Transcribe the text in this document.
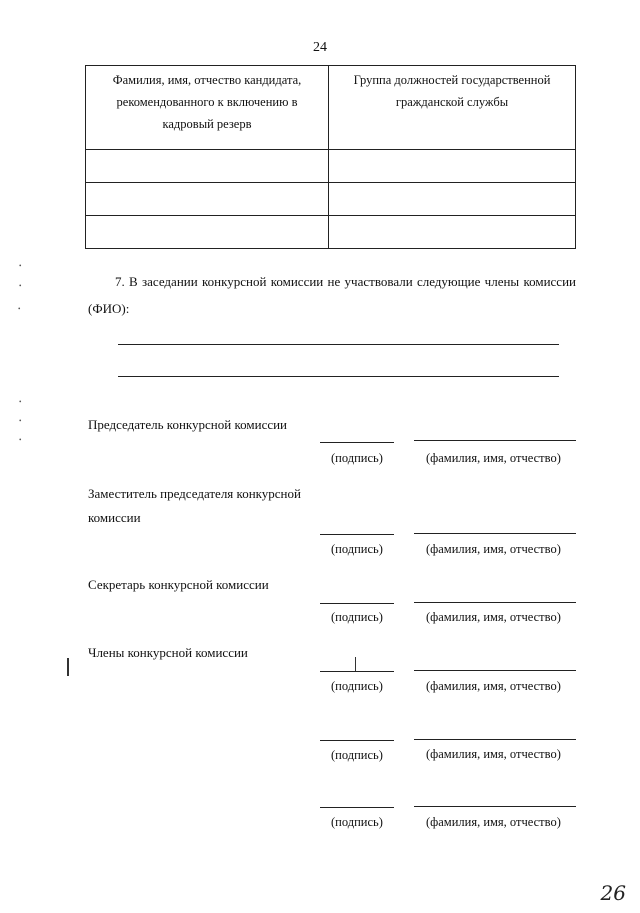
24
Фамилия, имя, отчество кандидата, рекомендованного к включению в кадровый резерв	Группа должностей государственной гражданской службы

7. В заседании конкурсной комиссии не участвовали следующие члены комиссии (ФИО):
Председатель конкурсной комиссии
(подпись)	(фамилия, имя, отчество)
Заместитель председателя конкурсной комиссии
(подпись)	(фамилия, имя, отчество)
Секретарь конкурсной комиссии
(подпись)	(фамилия, имя, отчество)
Члены конкурсной комиссии
(подпись)	(фамилия, имя, отчество)
(подпись)	(фамилия, имя, отчество)
(подпись)	(фамилия, имя, отчество)
•
•
•
•
•
•
26
